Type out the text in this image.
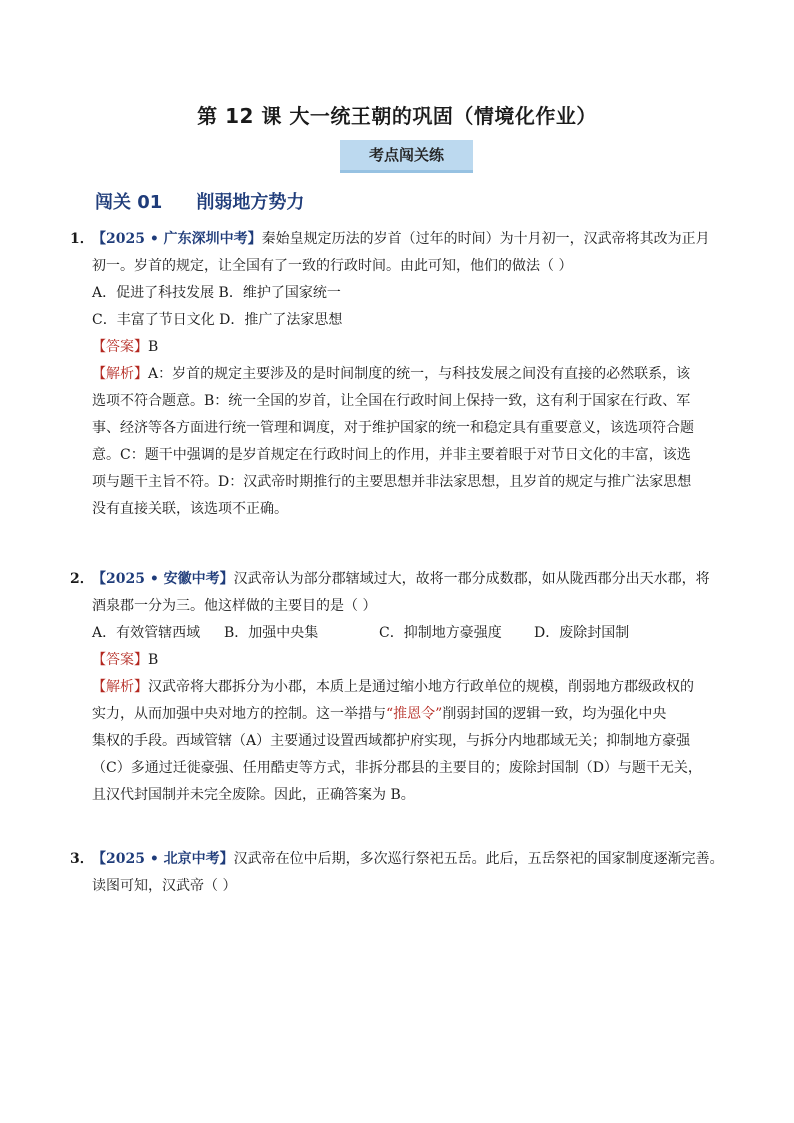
第 12 课 大一统王朝的巩固（情境化作业）
考点闯关练
闯关 01 削弱地方势力
1．
【2025 • 广东深圳中考】秦始皇规定历法的岁首（过年的时间）为十月初一，汉武帝将其改为正月
初一。岁首的规定，让全国有了一致的行政时间。由此可知，他们的做法（ ）
A．促进了科技发展 B．维护了国家统一
C．丰富了节日文化 D．推广了法家思想
【答案】B
【解析】A：岁首的规定主要涉及的是时间制度的统一，与科技发展之间没有直接的必然联系，该
选项不符合题意。B：统一全国的岁首，让全国在行政时间上保持一致，这有利于国家在行政、军
事、经济等各方面进行统一管理和调度，对于维护国家的统一和稳定具有重要意义，该选项符合题
意。C：题干中强调的是岁首规定在行政时间上的作用，并非主要着眼于对节日文化的丰富，该选
项与题干主旨不符。D：汉武帝时期推行的主要思想并非法家思想，且岁首的规定与推广法家思想
没有直接关联，该选项不正确。
2．
【2025 • 安徽中考】汉武帝认为部分郡辖域过大，故将一郡分成数郡，如从陇西郡分出天水郡，将
酒泉郡一分为三。他这样做的主要目的是（ ）
A．有效管辖西域 B．加强中央集	C．抑制地方豪强度 D．废除封国制
【答案】B
【解析】汉武帝将大郡拆分为小郡，本质上是通过缩小地方行政单位的规模，削弱地方郡级政权的
实力，从而加强中央对地方的控制。这一举措与“推恩令”削弱封国的逻辑一致，均为强化中央
集权的手段。西域管辖（A）主要通过设置西域都护府实现，与拆分内地郡域无关；抑制地方豪强
（C）多通过迁徙豪强、任用酷吏等方式，非拆分郡县的主要目的；废除封国制（D）与题干无关，
且汉代封国制并未完全废除。因此，正确答案为 B。
3．
【2025 • 北京中考】汉武帝在位中后期，多次巡行祭祀五岳。此后，五岳祭祀的国家制度逐渐完善。
读图可知，汉武帝（ ）
